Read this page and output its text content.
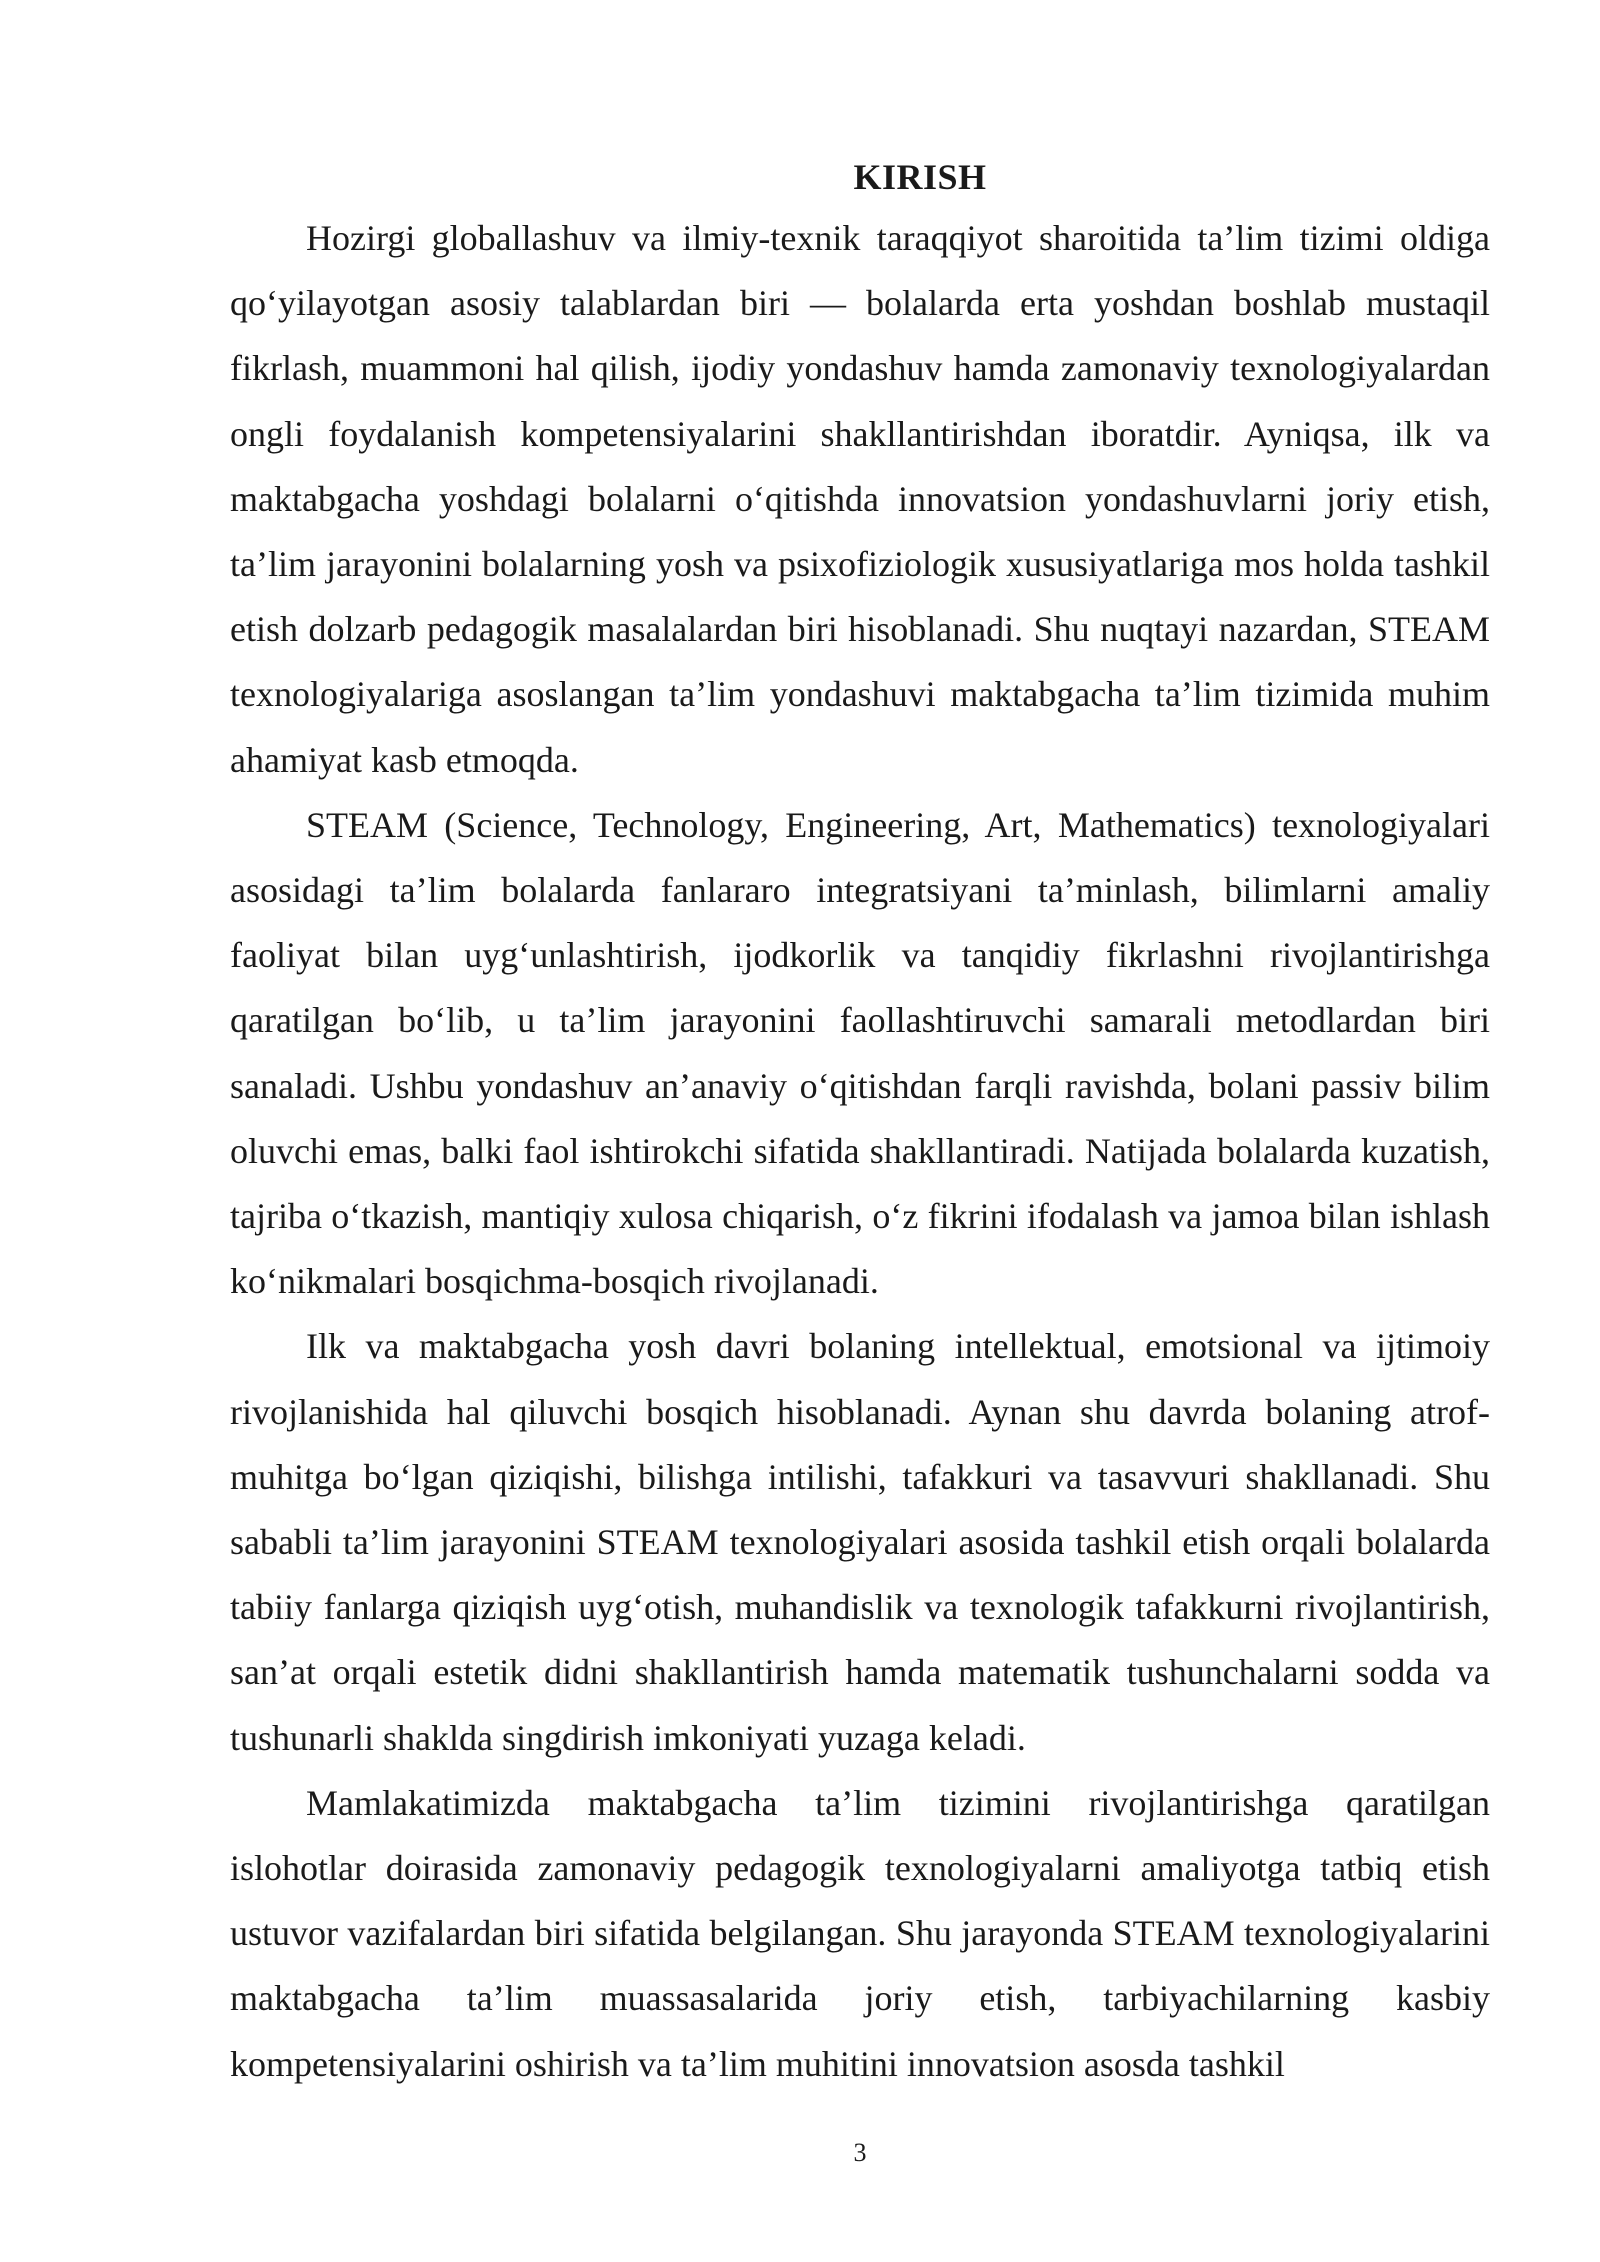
KIRISH

Hozirgi globallashuv va ilmiy-texnik taraqqiyot sharoitida ta’lim tizimi oldiga qo‘yilayotgan asosiy talablardan biri — bolalarda erta yoshdan boshlab mustaqil fikrlash, muammoni hal qilish, ijodiy yondashuv hamda zamonaviy texnologiyalardan ongli foydalanish kompetensiyalarini shakllantirishdan iboratdir. Ayniqsa, ilk va maktabgacha yoshdagi bolalarni o‘qitishda innovatsion yondashuvlarni joriy etish, ta’lim jarayonini bolalarning yosh va psixofiziologik xususiyatlariga mos holda tashkil etish dolzarb pedagogik masalalardan biri hisoblanadi. Shu nuqtayi nazardan, STEAM texnologiyalariga asoslangan ta’lim yondashuvi maktabgacha ta’lim tizimida muhim ahamiyat kasb etmoqda.

STEAM (Science, Technology, Engineering, Art, Mathematics) texnologiyalari asosidagi ta’lim bolalarda fanlararo integratsiyani ta’minlash, bilimlarni amaliy faoliyat bilan uyg‘unlashtirish, ijodkorlik va tanqidiy fikrlashni rivojlantirishga qaratilgan bo‘lib, u ta’lim jarayonini faollashtiruvchi samarali metodlardan biri sanaladi. Ushbu yondashuv an’anaviy o‘qitishdan farqli ravishda, bolani passiv bilim oluvchi emas, balki faol ishtirokchi sifatida shakllantiradi. Natijada bolalarda kuzatish, tajriba o‘tkazish, mantiqiy xulosa chiqarish, o‘z fikrini ifodalash va jamoa bilan ishlash ko‘nikmalari bosqichma-bosqich rivojlanadi.

Ilk va maktabgacha yosh davri bolaning intellektual, emotsional va ijtimoiy rivojlanishida hal qiluvchi bosqich hisoblanadi. Aynan shu davrda bolaning atrof-muhitga bo‘lgan qiziqishi, bilishga intilishi, tafakkuri va tasavvuri shakllanadi. Shu sababli ta’lim jarayonini STEAM texnologiyalari asosida tashkil etish orqali bolalarda tabiiy fanlarga qiziqish uyg‘otish, muhandislik va texnologik tafakkurni rivojlantirish, san’at orqali estetik didni shakllantirish hamda matematik tushunchalarni sodda va tushunarli shaklda singdirish imkoniyati yuzaga keladi.

Mamlakatimizda maktabgacha ta’lim tizimini rivojlantirishga qaratilgan islohotlar doirasida zamonaviy pedagogik texnologiyalarni amaliyotga tatbiq etish ustuvor vazifalardan biri sifatida belgilangan. Shu jarayonda STEAM texnologiyalarini maktabgacha ta’lim muassasalarida joriy etish, tarbiyachilarning kasbiy kompetensiyalarini oshirish va ta’lim muhitini innovatsion asosda tashkil

3
